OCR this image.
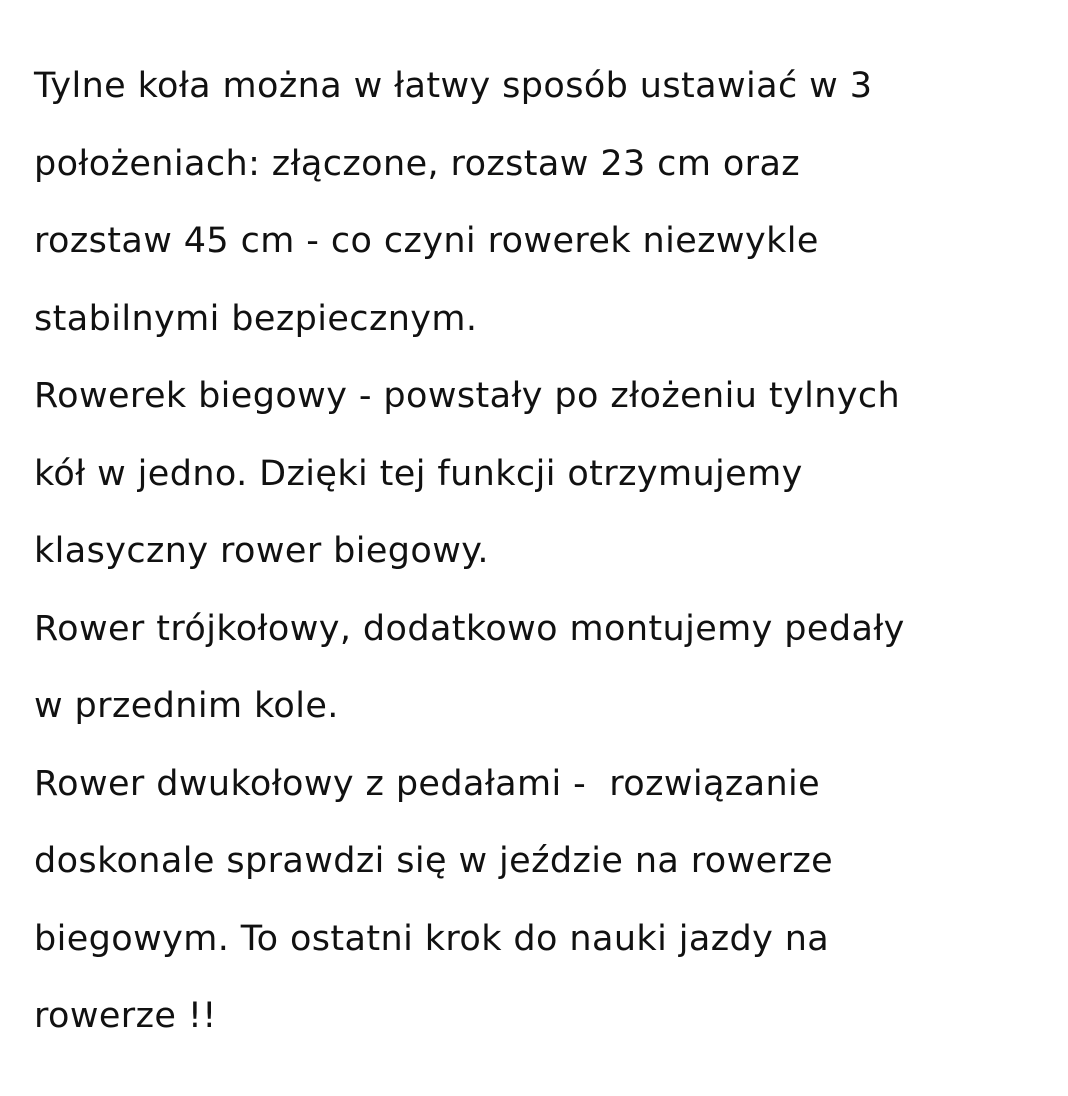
Tylne koła można w łatwy sposób ustawiać w 3
położeniach: złączone, rozstaw 23 cm oraz
rozstaw 45 cm - co czyni rowerek niezwykle
stabilnymi bezpiecznym.
Rowerek biegowy - powstały po złożeniu tylnych
kół w jedno. Dzięki tej funkcji otrzymujemy
klasyczny rower biegowy.
Rower trójkołowy, dodatkowo montujemy pedały
w przednim kole.
Rower dwukołowy z pedałami -  rozwiązanie
doskonale sprawdzi się w jeździe na rowerze
biegowym. To ostatni krok do nauki jazdy na
rowerze !!
